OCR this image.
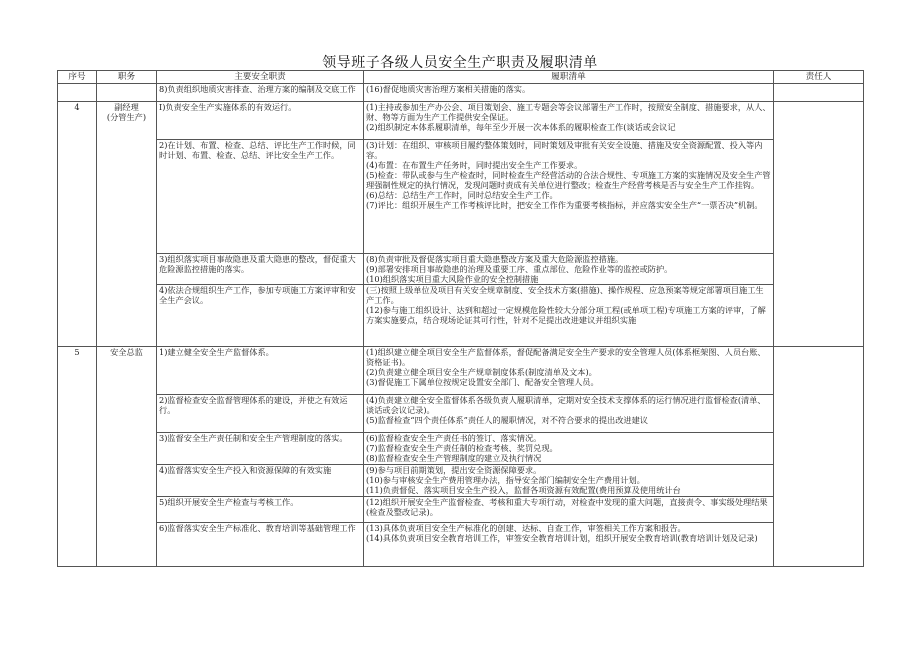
领导班子各级人员安全生产职责及履职清单
序号	职务	主要安全职责	履职清单	责任人
		8)负责组织地质灾害排查、治理方案的编制及交底工作	(16)督促地质灾害治理方案相关措施的落实。	

4	副经理
(分管生产)	I)负责安全生产实施体系的有效运行。	(1)主持或参加生产办公会、项目策划会、施工专题会等会议部署生产工作时，按照安全制度、措施要求，从人、财、物等方面为生产工作提供安全保证。
(2)组织制定本体系履职清单，每年至少开展一次本体系的履职检查工作(谈话或会议记	

		2)在计划、布置、检查、总结、评比生产工作时候，同时计划、布置、检查、总结、评比安全生产工作。	(3)计划：在组织、审核项目履约整体策划时，同时策划及审批有关安全设施、措施及安全资源配置、投入等内容。
(4)布置：在布置生产任务时，同时提出安全生产工作要求。
(5)检查：带队或参与生产检查时，同时检查生产经营活动的合法合规性、专项施工方案的实施情况及安全生产管理强制性规定的执行情况，发现问题时责成有关单位进行整改；检查生产经营考核是否与安全生产工作挂钩。
(6)总结：总结生产工作时，同时总结安全生产工作。
(7)评比：组织开展生产工作考核评比时，把安全工作作为重要考核指标，并应落实安全生产“一票否决”机制。	

		3)组织落实项目事故隐患及重大隐患的整改，督促重大危险源监控措施的落实。	(8)负责审批及督促落实项目重大隐患整改方案及重大危险源监控措施。
(9)部署安排项目事故隐患的治理及重要工序、重点部位、危险作业等的监控或防护。
(10)组织落实项目重大风险作业的安全控制措施	

		4)依法合规组织生产工作，参加专项施工方案评审和安全生产会议。	(三)按照上级单位及项目有关安全规章制度、安全技术方案(措施)、操作规程、应急预案等规定部署项目施工生产工作。
(12)参与施工组织设计、达到和超过一定规模危险性较大分部分项工程(或单项工程)专项施工方案的评审，了解方案实施要点，结合现场论证其可行性，针对不足提出改进建议并组织实施	

5	安全总监	1)建立健全安全生产监督体系。	(1)组织建立健全项目安全生产监督体系，督促配备满足安全生产要求的安全管理人员(体系框架图、人员台账、资格证书)。
(2)负责建立健全项目安全生产规章制度体系(制度清单及文本)。
(3)督促施工下属单位按规定设置安全部门、配备安全管理人员。	

		2)监督检查安全监督管理体系的建设，并使之有效运行。	(4)负责建立健全安全监督体系各级负责人履职清单，定期对安全技术支撑体系的运行情况进行监督检查(清单、谈话或会议记录)。
(5)监督检查“四个责任体系”责任人的履职情况，对不符合要求的提出改进建议	

		3)监督安全生产责任制和安全生产管理制度的落实。	(6)监督检查安全生产责任书的签订、落实情况。
(7)监督检查安全生产责任制的检查考核、奖罚兑现。
(8)监督检查安全生产管理制度的建立及执行情况	

		4)监督落实安全生产投入和资源保障的有效实施	(9)参与项目前期策划，提出安全资源保障要求。
(10)参与审核安全生产费用管理办法，指导安全部门编制安全生产费用计划。
(11)负责督促、落实项目安全生产投入，监督各项资源有效配置(费用预算及使用统计台	

		5)组织开展安全生产检查与考核工作。	(12)组织开展安全生产监督检查、考核和重大专项行动，对检查中发现的重大问题，直接责令、事实级处理结果(检查及整改记录)。	

		6)监督落实安全生产标准化、教育培训等基础管理工作	(13)具体负责项目安全生产标准化的创建、达标、自查工作，审签相关工作方案和报告。
(14)具体负责项目安全教育培训工作，审签安全教育培训计划，组织开展安全教育培训(教育培训计划及记录)	
